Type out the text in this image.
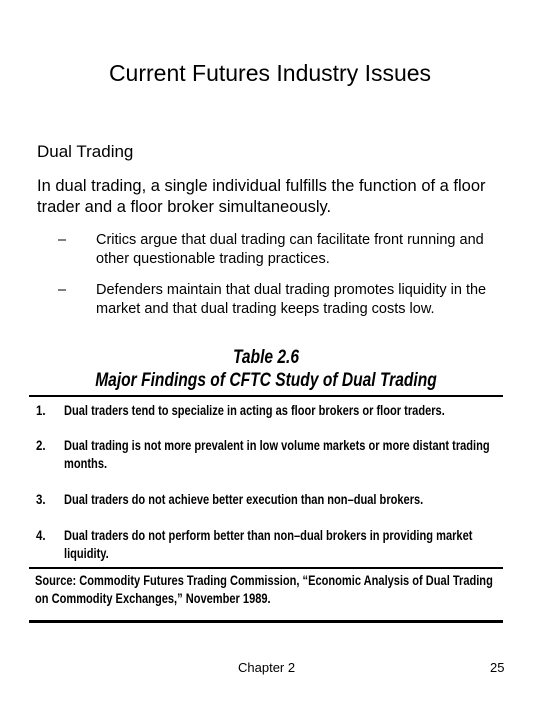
Current Futures Industry Issues
Dual Trading
In dual trading, a single individual fulfills the function of a floor trader and a floor broker simultaneously.
– Critics argue that dual trading can facilitate front running and other questionable trading practices.
– Defenders maintain that dual trading promotes liquidity in the market and that dual trading keeps trading costs low.
Table 2.6
Major Findings of CFTC Study of Dual Trading
1. Dual traders tend to specialize in acting as floor brokers or floor traders.
2. Dual trading is not more prevalent in low volume markets or more distant trading months.
3. Dual traders do not achieve better execution than non–dual brokers.
4. Dual traders do not perform better than non–dual brokers in providing market liquidity.
Source: Commodity Futures Trading Commission, “Economic Analysis of Dual Trading on Commodity Exchanges,” November 1989.
Chapter 2	25
